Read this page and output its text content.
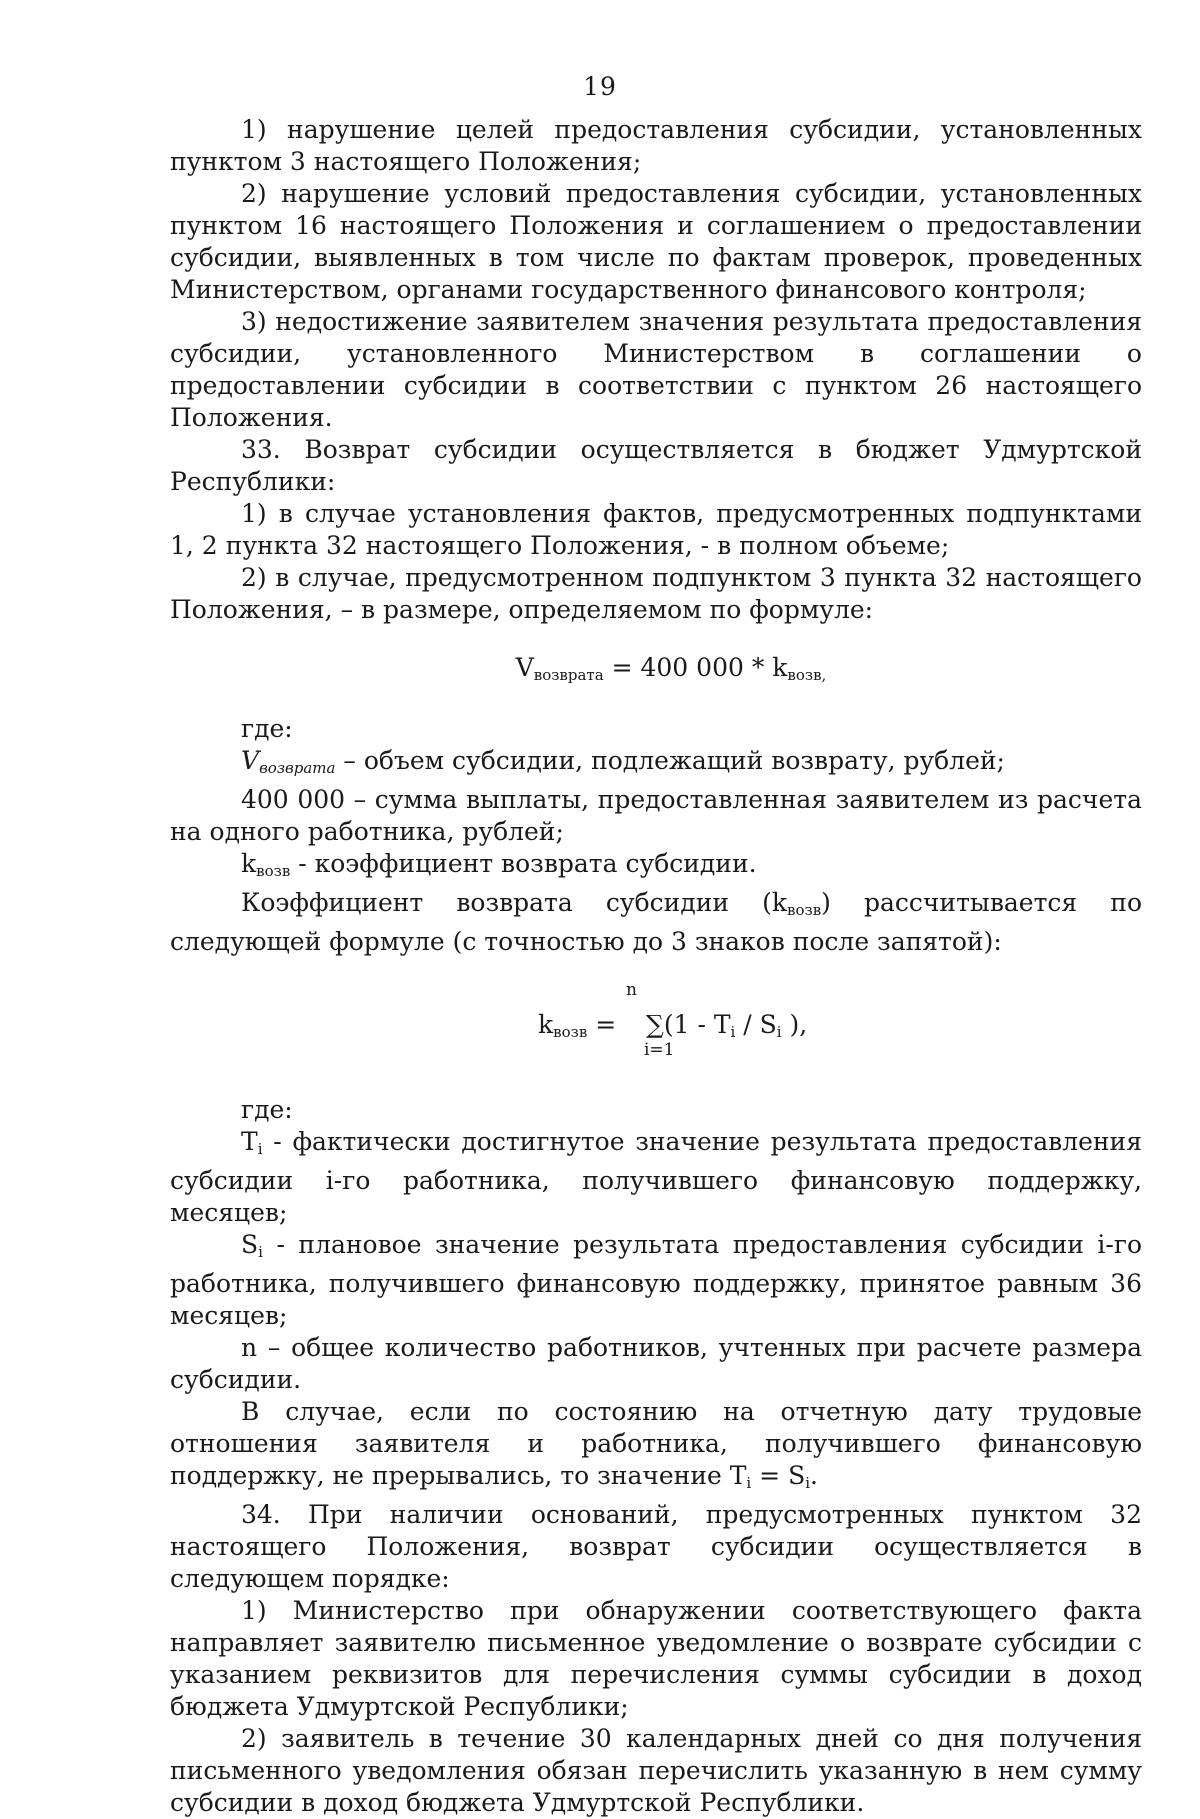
19

1) нарушение целей предоставления субсидии, установленных пунктом 3 настоящего Положения;

2) нарушение условий предоставления субсидии, установленных пунктом 16 настоящего Положения и соглашением о предоставлении субсидии, выявленных в том числе по фактам проверок, проведенных Министерством, органами государственного финансового контроля;

3) недостижение заявителем значения результата предоставления субсидии, установленного Министерством в соглашении о предоставлении субсидии в соответствии с пунктом 26 настоящего Положения.

33. Возврат субсидии осуществляется в бюджет Удмуртской Республики:

1) в случае установления фактов, предусмотренных подпунктами 1, 2 пункта 32 настоящего Положения, - в полном объеме;

2) в случае, предусмотренном подпунктом 3 пункта 32 настоящего Положения, – в размере, определяемом по формуле:

$V_{возврата} = 400$ $000 * k_{возв,}$

где:

$V_{возврата}$ – объем субсидии, подлежащий возврату, рублей;

400 000 – сумма выплаты, предоставленная заявителем из расчета на одного работника, рублей;

$k_{возв}$ - коэффициент возврата субсидии.

Коэффициент возврата субсидии $(k_{возв})$ рассчитывается по следующей формуле (с точностью до 3 знаков после запятой):

n
$k_{возв} = \sum(1 - T_i / S_i$ ),
i=1

где:

$T_i$ - фактически достигнутое значение результата предоставления субсидии i-го работника, получившего финансовую поддержку, месяцев;

$S_i$ - плановое значение результата предоставления субсидии i-го работника, получившего финансовую поддержку, принятое равным 36 месяцев;

n – общее количество работников, учтенных при расчете размера субсидии.

В случае, если по состоянию на отчетную дату трудовые отношения заявителя и работника, получившего финансовую поддержку, не прерывались, то значение $T_i = S_i$.

34. При наличии оснований, предусмотренных пунктом 32 настоящего Положения, возврат субсидии осуществляется в следующем порядке:

1) Министерство при обнаружении соответствующего факта направляет заявителю письменное уведомление о возврате субсидии с указанием реквизитов для перечисления суммы субсидии в доход бюджета Удмуртской Республики;

2) заявитель в течение 30 календарных дней со дня получения письменного уведомления обязан перечислить указанную в нем сумму субсидии в доход бюджета Удмуртской Республики.
